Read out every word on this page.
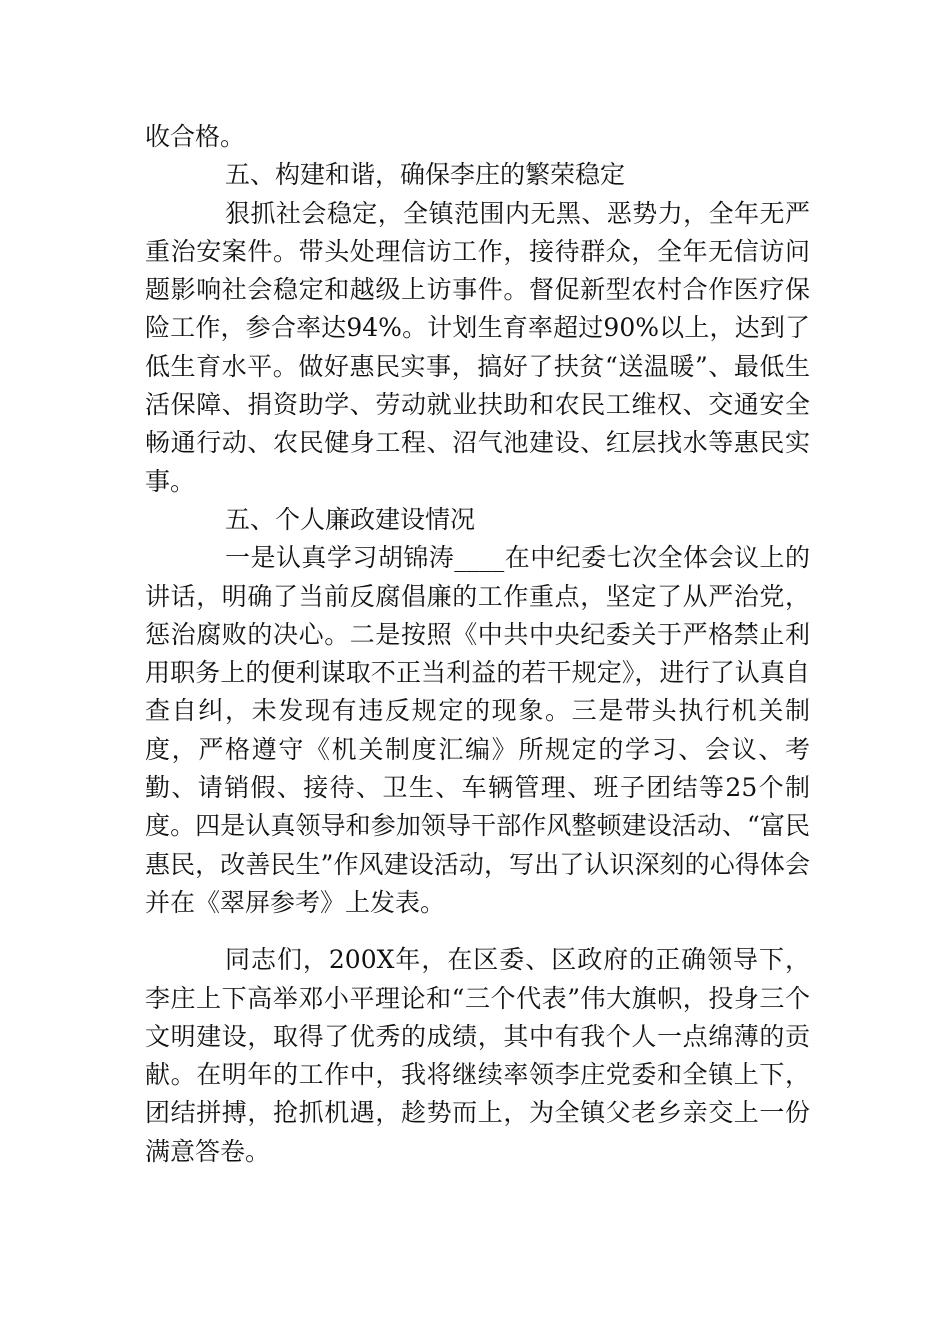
收合格。

五、构建和谐，确保李庄的繁荣稳定

狠抓社会稳定，全镇范围内无黑、恶势力，全年无严重治安案件。带头处理信访工作，接待群众，全年无信访问题影响社会稳定和越级上访事件。督促新型农村合作医疗保险工作，参合率达94%。计划生育率超过90%以上，达到了低生育水平。做好惠民实事，搞好了扶贫“送温暖”、最低生活保障、捐资助学、劳动就业扶助和农民工维权、交通安全畅通行动、农民健身工程、沼气池建设、红层找水等惠民实事。

五、个人廉政建设情况

一是认真学习胡锦涛____在中纪委七次全体会议上的讲话，明确了当前反腐倡廉的工作重点，坚定了从严治党，惩治腐败的决心。二是按照《中共中央纪委关于严格禁止利用职务上的便利谋取不正当利益的若干规定》，进行了认真自查自纠，未发现有违反规定的现象。三是带头执行机关制度，严格遵守《机关制度汇编》所规定的学习、会议、考勤、请销假、接待、卫生、车辆管理、班子团结等25个制度。四是认真领导和参加领导干部作风整顿建设活动、“富民惠民，改善民生”作风建设活动，写出了认识深刻的心得体会并在《翠屏参考》上发表。

同志们，200X年，在区委、区政府的正确领导下，李庄上下高举邓小平理论和“三个代表”伟大旗帜，投身三个文明建设，取得了优秀的成绩，其中有我个人一点绵薄的贡献。在明年的工作中，我将继续率领李庄党委和全镇上下，团结拼搏，抢抓机遇，趁势而上，为全镇父老乡亲交上一份满意答卷。
